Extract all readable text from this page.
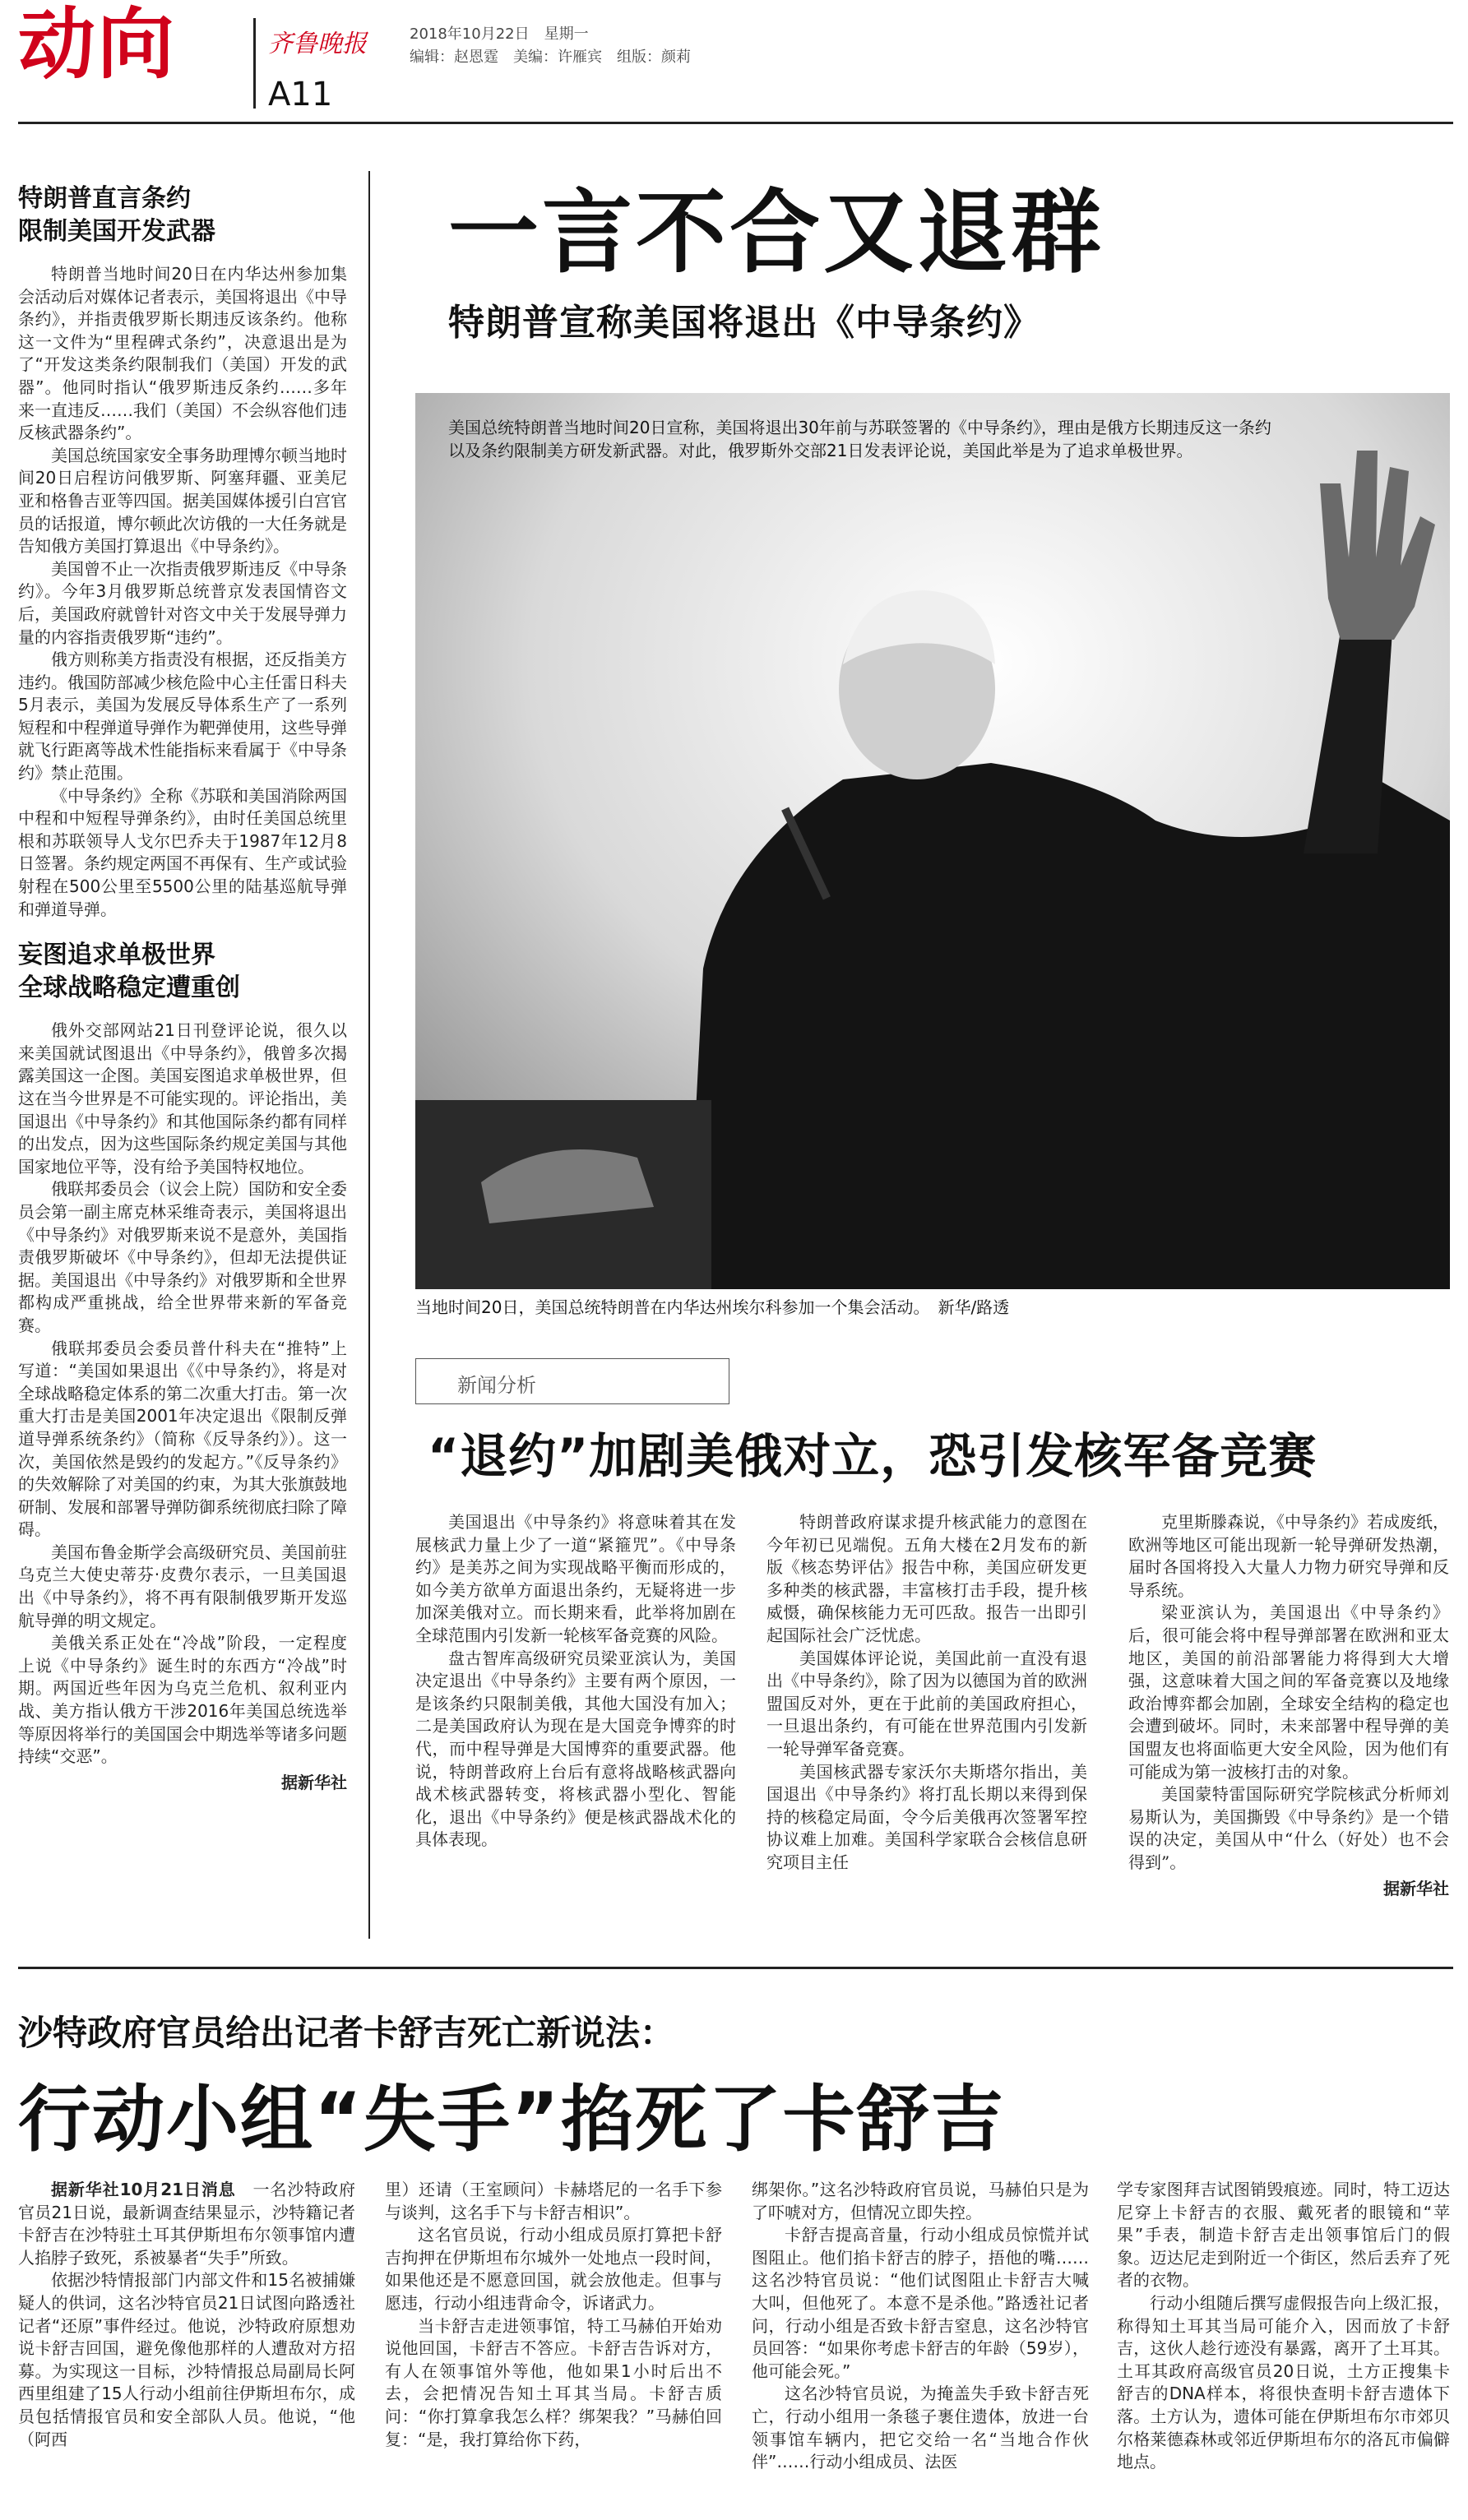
动向	齐鲁晚报
A11
2018年10月22日　星期一
编辑：赵恩霆　美编：许雁宾　组版：颜莉
特朗普直言条约
限制美国开发武器

特朗普当地时间20日在内华达州参加集会活动后对媒体记者表示，美国将退出《中导条约》，并指责俄罗斯长期违反该条约。他称这一文件为“里程碑式条约”，决意退出是为了“开发这类条约限制我们（美国）开发的武器”。他同时指认“俄罗斯违反条约……多年来一直违反……我们（美国）不会纵容他们违反核武器条约”。

美国总统国家安全事务助理博尔顿当地时间20日启程访问俄罗斯、阿塞拜疆、亚美尼亚和格鲁吉亚等四国。据美国媒体援引白宫官员的话报道，博尔顿此次访俄的一大任务就是告知俄方美国打算退出《中导条约》。

美国曾不止一次指责俄罗斯违反《中导条约》。今年3月俄罗斯总统普京发表国情咨文后，美国政府就曾针对咨文中关于发展导弹力量的内容指责俄罗斯“违约”。

俄方则称美方指责没有根据，还反指美方违约。俄国防部减少核危险中心主任雷日科夫5月表示，美国为发展反导体系生产了一系列短程和中程弹道导弹作为靶弹使用，这些导弹就飞行距离等战术性能指标来看属于《中导条约》禁止范围。

《中导条约》全称《苏联和美国消除两国中程和中短程导弹条约》，由时任美国总统里根和苏联领导人戈尔巴乔夫于1987年12月8日签署。条约规定两国不再保有、生产或试验射程在500公里至5500公里的陆基巡航导弹和弹道导弹。

妄图追求单极世界
全球战略稳定遭重创

俄外交部网站21日刊登评论说，很久以来美国就试图退出《中导条约》，俄曾多次揭露美国这一企图。美国妄图追求单极世界，但这在当今世界是不可能实现的。评论指出，美国退出《中导条约》和其他国际条约都有同样的出发点，因为这些国际条约规定美国与其他国家地位平等，没有给予美国特权地位。

俄联邦委员会（议会上院）国防和安全委员会第一副主席克林采维奇表示，美国将退出《中导条约》对俄罗斯来说不是意外，美国指责俄罗斯破坏《中导条约》，但却无法提供证据。美国退出《中导条约》对俄罗斯和全世界都构成严重挑战，给全世界带来新的军备竞赛。

俄联邦委员会委员普什科夫在“推特”上写道：“美国如果退出《《中导条约》，将是对全球战略稳定体系的第二次重大打击。第一次重大打击是美国2001年决定退出《限制反弹道导弹系统条约》（简称《反导条约》）。这一次，美国依然是毁约的发起方。”《反导条约》的失效解除了对美国的约束，为其大张旗鼓地研制、发展和部署导弹防御系统彻底扫除了障碍。

美国布鲁金斯学会高级研究员、美国前驻乌克兰大使史蒂芬·皮费尔表示，一旦美国退出《中导条约》，将不再有限制俄罗斯开发巡航导弹的明文规定。

美俄关系正处在“冷战”阶段，一定程度上说《中导条约》诞生时的东西方“冷战”时期。两国近些年因为乌克兰危机、叙利亚内战、美方指认俄方干涉2016年美国总统选举等原因将举行的美国国会中期选举等诸多问题持续“交恶”。

据新华社
一言不合又退群
特朗普宣称美国将退出《中导条约》
美国总统特朗普当地时间20日宣称，美国将退出30年前与苏联签署的《中导条约》，理由是俄方长期违反这一条约以及条约限制美方研发新武器。对此，俄罗斯外交部21日发表评论说，美国此举是为了追求单极世界。
当地时间20日，美国总统特朗普在内华达州埃尔科参加一个集会活动。　新华/路透
新闻分析
“退约”加剧美俄对立，恐引发核军备竞赛

美国退出《中导条约》将意味着其在发展核武力量上少了一道“紧箍咒”。《中导条约》是美苏之间为实现战略平衡而形成的，如今美方欲单方面退出条约，无疑将进一步加深美俄对立。而长期来看，此举将加剧在全球范围内引发新一轮核军备竞赛的风险。

盘古智库高级研究员梁亚滨认为，美国决定退出《中导条约》主要有两个原因，一是该条约只限制美俄，其他大国没有加入；二是美国政府认为现在是大国竞争博弈的时代，而中程导弹是大国博弈的重要武器。他说，特朗普政府上台后有意将战略核武器向战术核武器转变，将核武器小型化、智能化，退出《中导条约》便是核武器战术化的具体表现。

特朗普政府谋求提升核武能力的意图在今年初已见端倪。五角大楼在2月发布的新版《核态势评估》报告中称，美国应研发更多种类的核武器，丰富核打击手段，提升核威慑，确保核能力无可匹敌。报告一出即引起国际社会广泛忧虑。

美国媒体评论说，美国此前一直没有退出《中导条约》，除了因为以德国为首的欧洲盟国反对外，更在于此前的美国政府担心，一旦退出条约，有可能在世界范围内引发新一轮导弹军备竞赛。

美国核武器专家沃尔夫斯塔尔指出，美国退出《中导条约》将打乱长期以来得到保持的核稳定局面，令今后美俄再次签署军控协议难上加难。美国科学家联合会核信息研究项目主任

克里斯滕森说，《中导条约》若成废纸，欧洲等地区可能出现新一轮导弹研发热潮，届时各国将投入大量人力物力研究导弹和反导系统。

梁亚滨认为，美国退出《中导条约》后，很可能会将中程导弹部署在欧洲和亚太地区，美国的前沿部署能力将得到大大增强，这意味着大国之间的军备竞赛以及地缘政治博弈都会加剧，全球安全结构的稳定也会遭到破坏。同时，未来部署中程导弹的美国盟友也将面临更大安全风险，因为他们有可能成为第一波核打击的对象。

美国蒙特雷国际研究学院核武分析师刘易斯认为，美国撕毁《中导条约》是一个错误的决定，美国从中“什么（好处）也不会得到”。

据新华社
沙特政府官员给出记者卡舒吉死亡新说法：
行动小组“失手”掐死了卡舒吉

据新华社10月21日消息　 一名沙特政府官员21日说，最新调查结果显示，沙特籍记者卡舒吉在沙特驻土耳其伊斯坦布尔领事馆内遭人掐脖子致死，系被暴者“失手”所致。

依据沙特情报部门内部文件和15名被捕嫌疑人的供词，这名沙特官员21日试图向路透社记者“还原”事件经过。他说，沙特政府原想劝说卡舒吉回国，避免像他那样的人遭敌对方招募。为实现这一目标，沙特情报总局副局长阿西里组建了15人行动小组前往伊斯坦布尔，成员包括情报官员和安全部队人员。他说，“他（阿西

里）还请（王室顾问）卡赫塔尼的一名手下参与谈判，这名手下与卡舒吉相识”。

这名官员说，行动小组成员原打算把卡舒吉拘押在伊斯坦布尔城外一处地点一段时间，如果他还是不愿意回国，就会放他走。但事与愿违，行动小组违背命令，诉诸武力。

当卡舒吉走进领事馆，特工马赫伯开始劝说他回国，卡舒吉不答应。卡舒吉告诉对方，有人在领事馆外等他，他如果1小时后出不去，会把情况告知土耳其当局。卡舒吉质问：“你打算拿我怎么样？绑架我？”马赫伯回复：“是，我打算给你下药，

绑架你。”这名沙特政府官员说，马赫伯只是为了吓唬对方，但情况立即失控。

卡舒吉提高音量，行动小组成员惊慌并试图阻止。他们掐卡舒吉的脖子，捂他的嘴……这名沙特官员说：“他们试图阻止卡舒吉大喊大叫，但他死了。本意不是杀他。”路透社记者问，行动小组是否致卡舒吉窒息，这名沙特官员回答：“如果你考虑卡舒吉的年龄（59岁），他可能会死。”

这名沙特官员说，为掩盖失手致卡舒吉死亡，行动小组用一条毯子裹住遗体，放进一台领事馆车辆内，把它交给一名“当地合作伙伴”……行动小组成员、法医

学专家图拜吉试图销毁痕迹。同时，特工迈达尼穿上卡舒吉的衣服、戴死者的眼镜和“苹果”手表，制造卡舒吉走出领事馆后门的假象。迈达尼走到附近一个街区，然后丢弃了死者的衣物。

行动小组随后撰写虚假报告向上级汇报，称得知土耳其当局可能介入，因而放了卡舒吉，这伙人趁行迹没有暴露，离开了土耳其。土耳其政府高级官员20日说，土方正搜集卡舒吉的DNA样本，将很快查明卡舒吉遗体下落。土方认为，遗体可能在伊斯坦布尔市郊贝尔格莱德森林或邻近伊斯坦布尔的洛瓦市偏僻地点。
